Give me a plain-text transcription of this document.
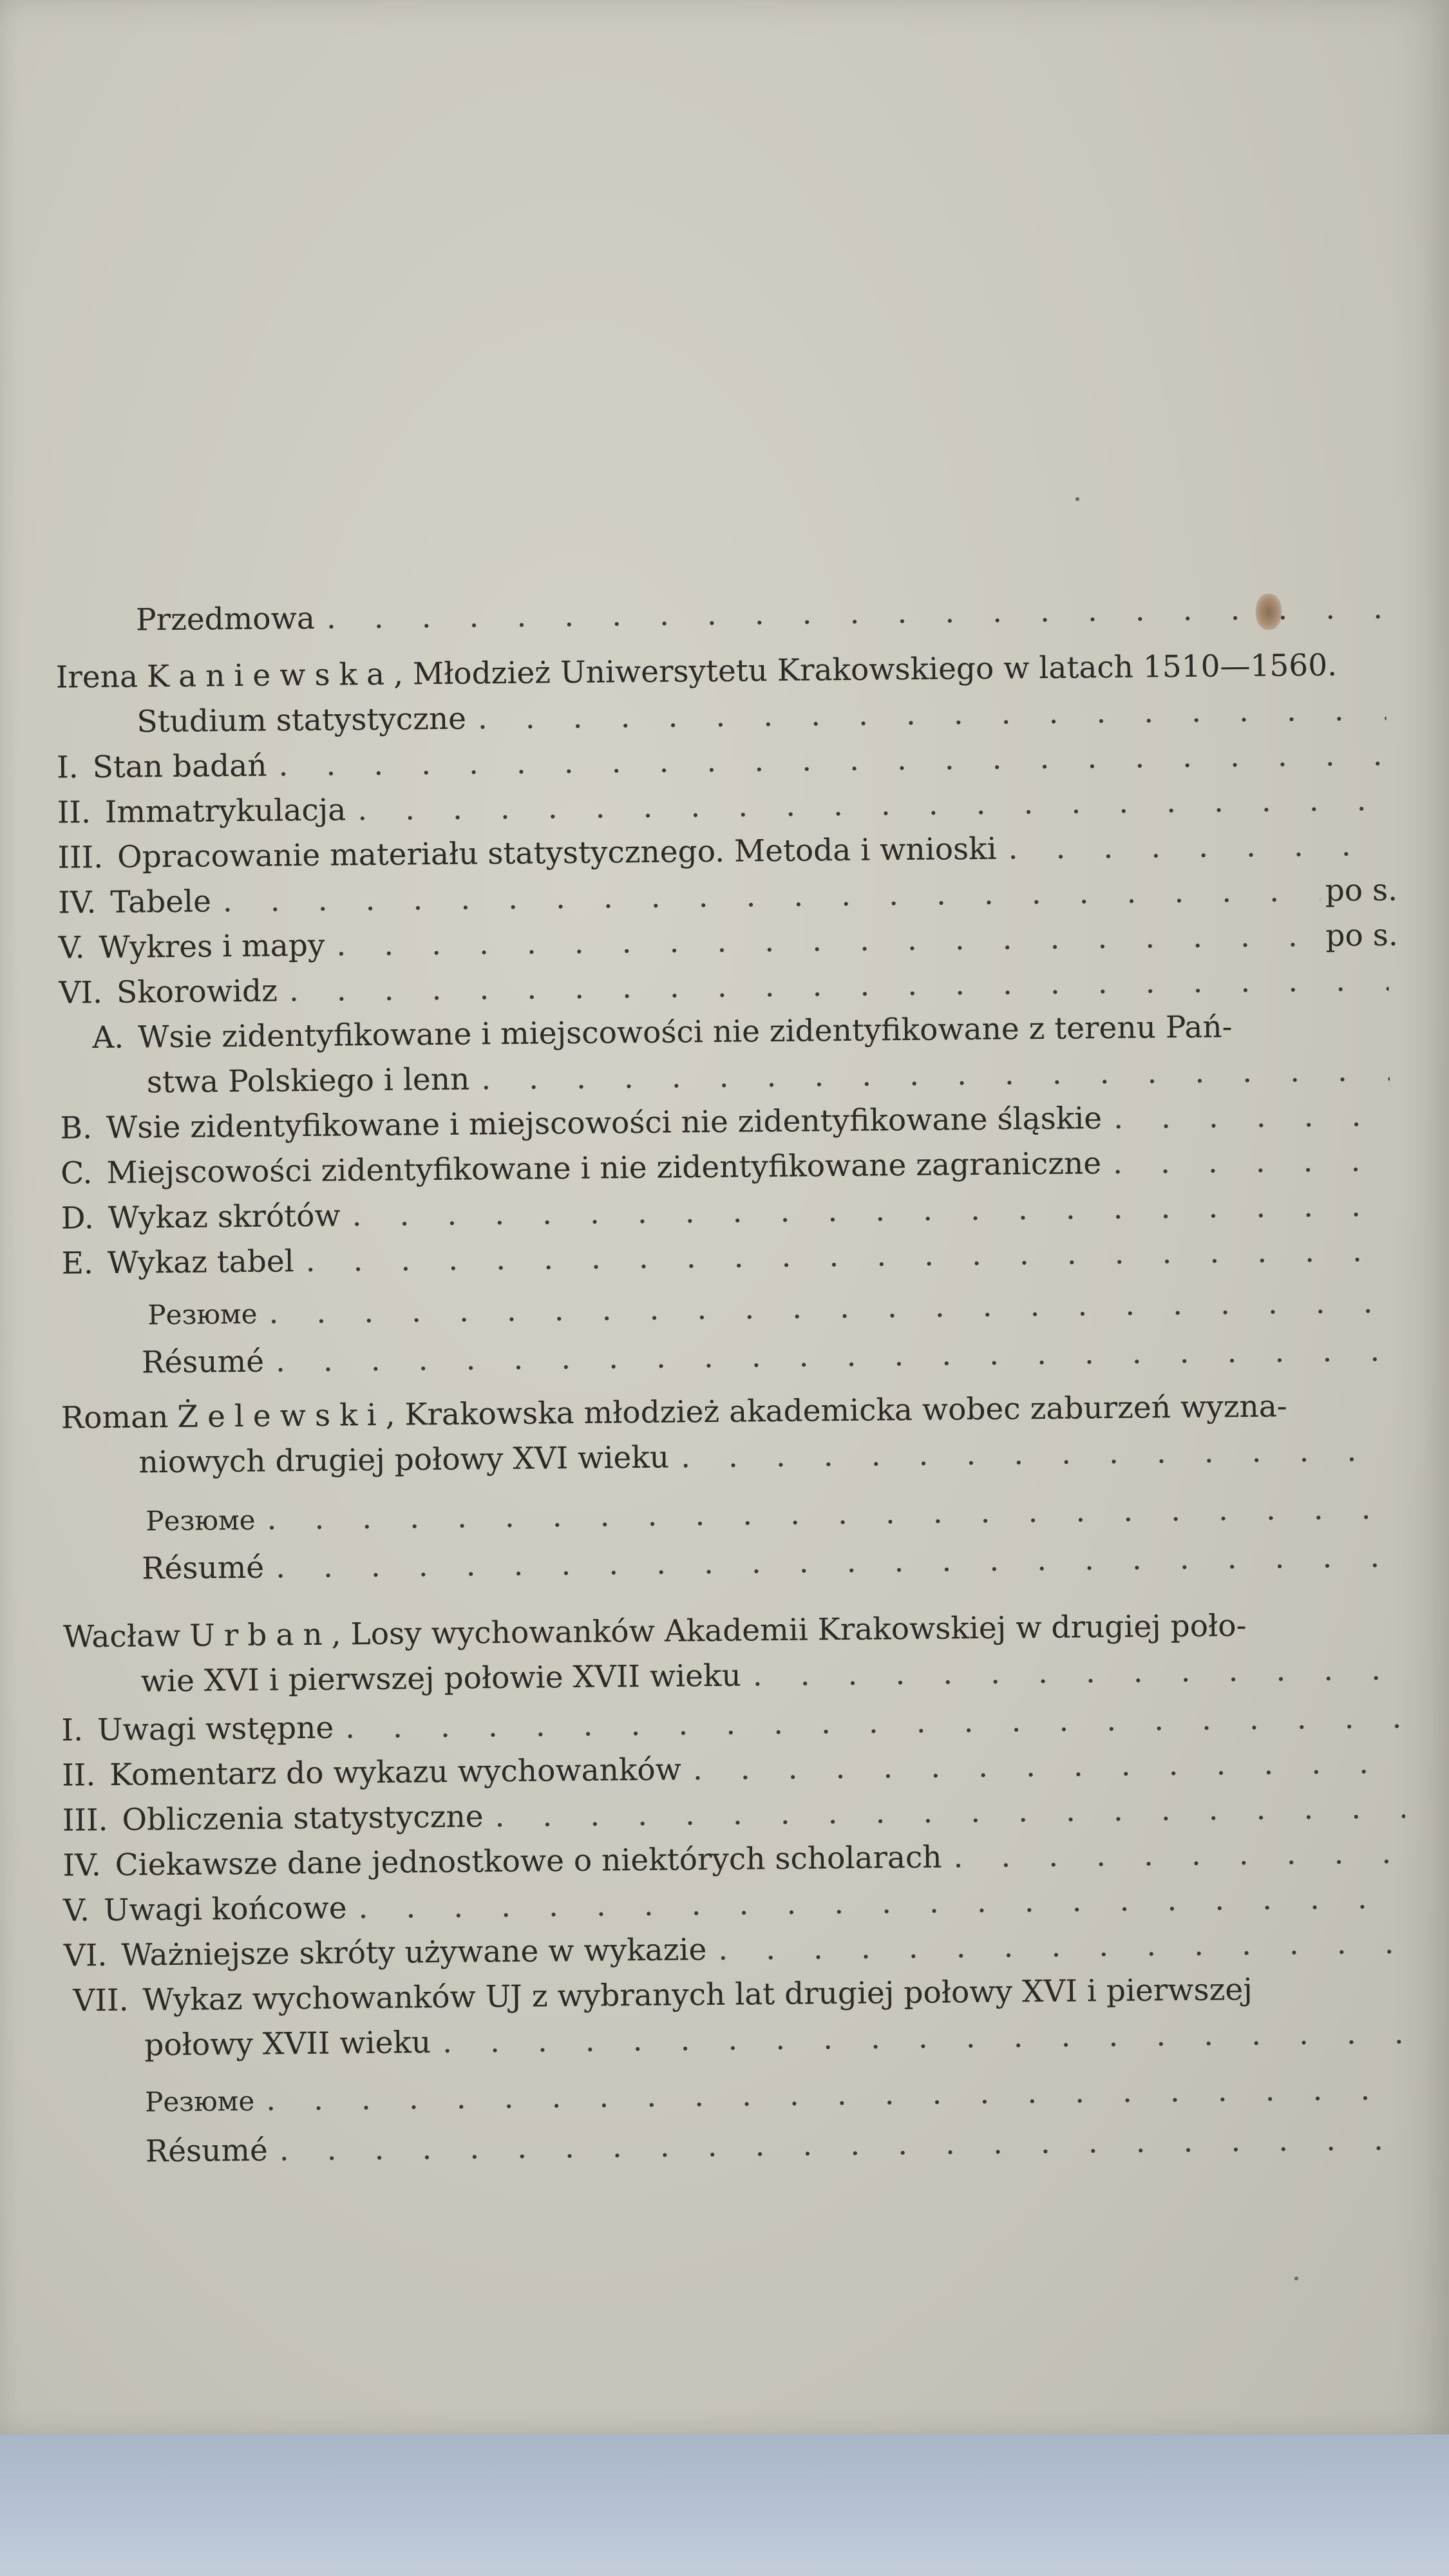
Przedmowa
. . .
Irena Kaniewska , Młodzież Uniwersytetu Krakowskiego w latach 1510—1560.
Studium statystyczne
. . .
I. Stan badań
. . .
II. Immatrykulacja
. . .
III. Opracowanie materiału statystycznego. Metoda i wnioski
. . .
IV. Tabele . . .	po s.
V. Wykres i mapy . . .	po s.
VI. Skorowidz
. . .
A. Wsie zidentyfikowane i miejscowości nie zidentyfikowane z terenu Pań-
stwa Polskiego i lenn
. . .
B. Wsie zidentyfikowane i miejscowości nie zidentyfikowane śląskie
. . .
C. Miejscowości zidentyfikowane i nie zidentyfikowane zagraniczne
. . .
D. Wykaz skrótów
. . .
E. Wykaz tabel
. . .
Резюме
. . .
Résumé
. . .
Roman Żelewski , Krakowska młodzież akademicka wobec zaburzeń wyzna-
niowych drugiej połowy XVI wieku
. . .
Резюме
. . .
Résumé
. . .
Wacław Urban , Losy wychowanków Akademii Krakowskiej w drugiej poło-
wie XVI i pierwszej połowie XVII wieku
. . .
I. Uwagi wstępne
. . .
II. Komentarz do wykazu wychowanków
. . .
III. Obliczenia statystyczne
. . .
IV. Ciekawsze dane jednostkowe o niektórych scholarach
. . .
V. Uwagi końcowe
. . .
VI. Ważniejsze skróty używane w wykazie
. . .
VII. Wykaz wychowanków UJ z wybranych lat drugiej połowy XVI i pierwszej
połowy XVII wieku
. . .
Резюме
. . .
Résumé
. . .
